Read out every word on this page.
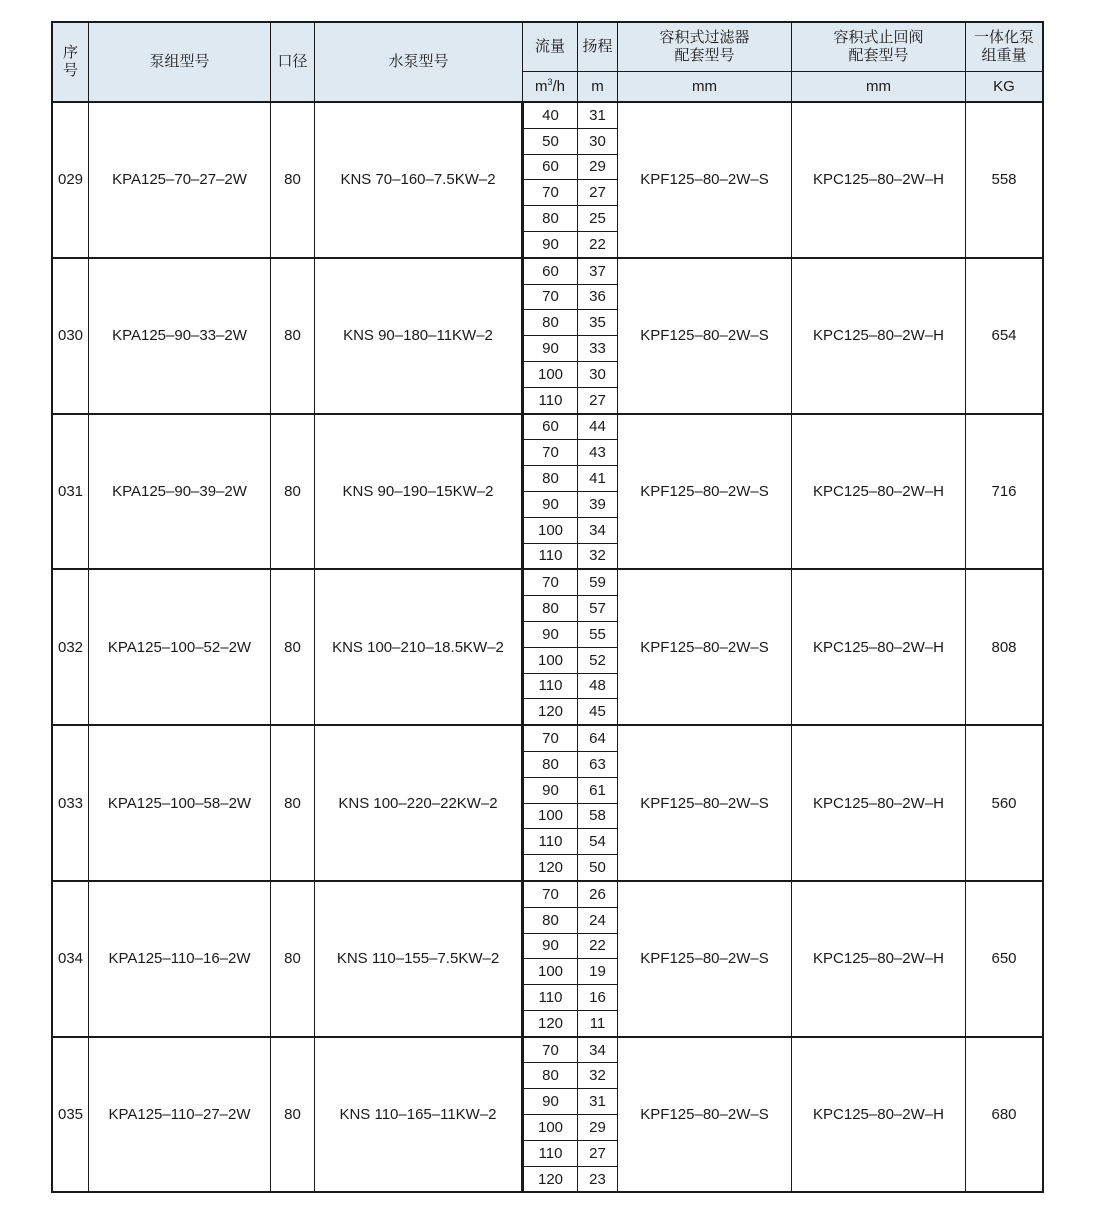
序号	泵组型号	口径	水泵型号	流量	扬程	容积式过滤器配套型号	容积式止回阀配套型号	一体化泵组重量
				$m^3/h$	m	mm	mm	KG
029	KPA125–70–27–2W	80	KNS 70–160–7.5KW–2	40	31	KPF125–80–2W–S	KPC125–80–2W–H	558
				50	30			
				60	29			
				70	27			
				80	25			
				90	22			
030	KPA125–90–33–2W	80	KNS 90–180–11KW–2	60	37	KPF125–80–2W–S	KPC125–80–2W–H	654
				70	36			
				80	35			
				90	33			
				100	30			
				110	27			
031	KPA125–90–39–2W	80	KNS 90–190–15KW–2	60	44	KPF125–80–2W–S	KPC125–80–2W–H	716
				70	43			
				80	41			
				90	39			
				100	34			
				110	32			
032	KPA125–100–52–2W	80	KNS 100–210–18.5KW–2	70	59	KPF125–80–2W–S	KPC125–80–2W–H	808
				80	57			
				90	55			
				100	52			
				110	48			
				120	45			
033	KPA125–100–58–2W	80	KNS 100–220–22KW–2	70	64	KPF125–80–2W–S	KPC125–80–2W–H	560
				80	63			
				90	61			
				100	58			
				110	54			
				120	50			
034	KPA125–110–16–2W	80	KNS 110–155–7.5KW–2	70	26	KPF125–80–2W–S	KPC125–80–2W–H	650
				80	24			
				90	22			
				100	19			
				110	16			
				120	11			
035	KPA125–110–27–2W	80	KNS 110–165–11KW–2	70	34	KPF125–80–2W–S	KPC125–80–2W–H	680
				80	32			
				90	31			
				100	29			
				110	27			
				120	23			
